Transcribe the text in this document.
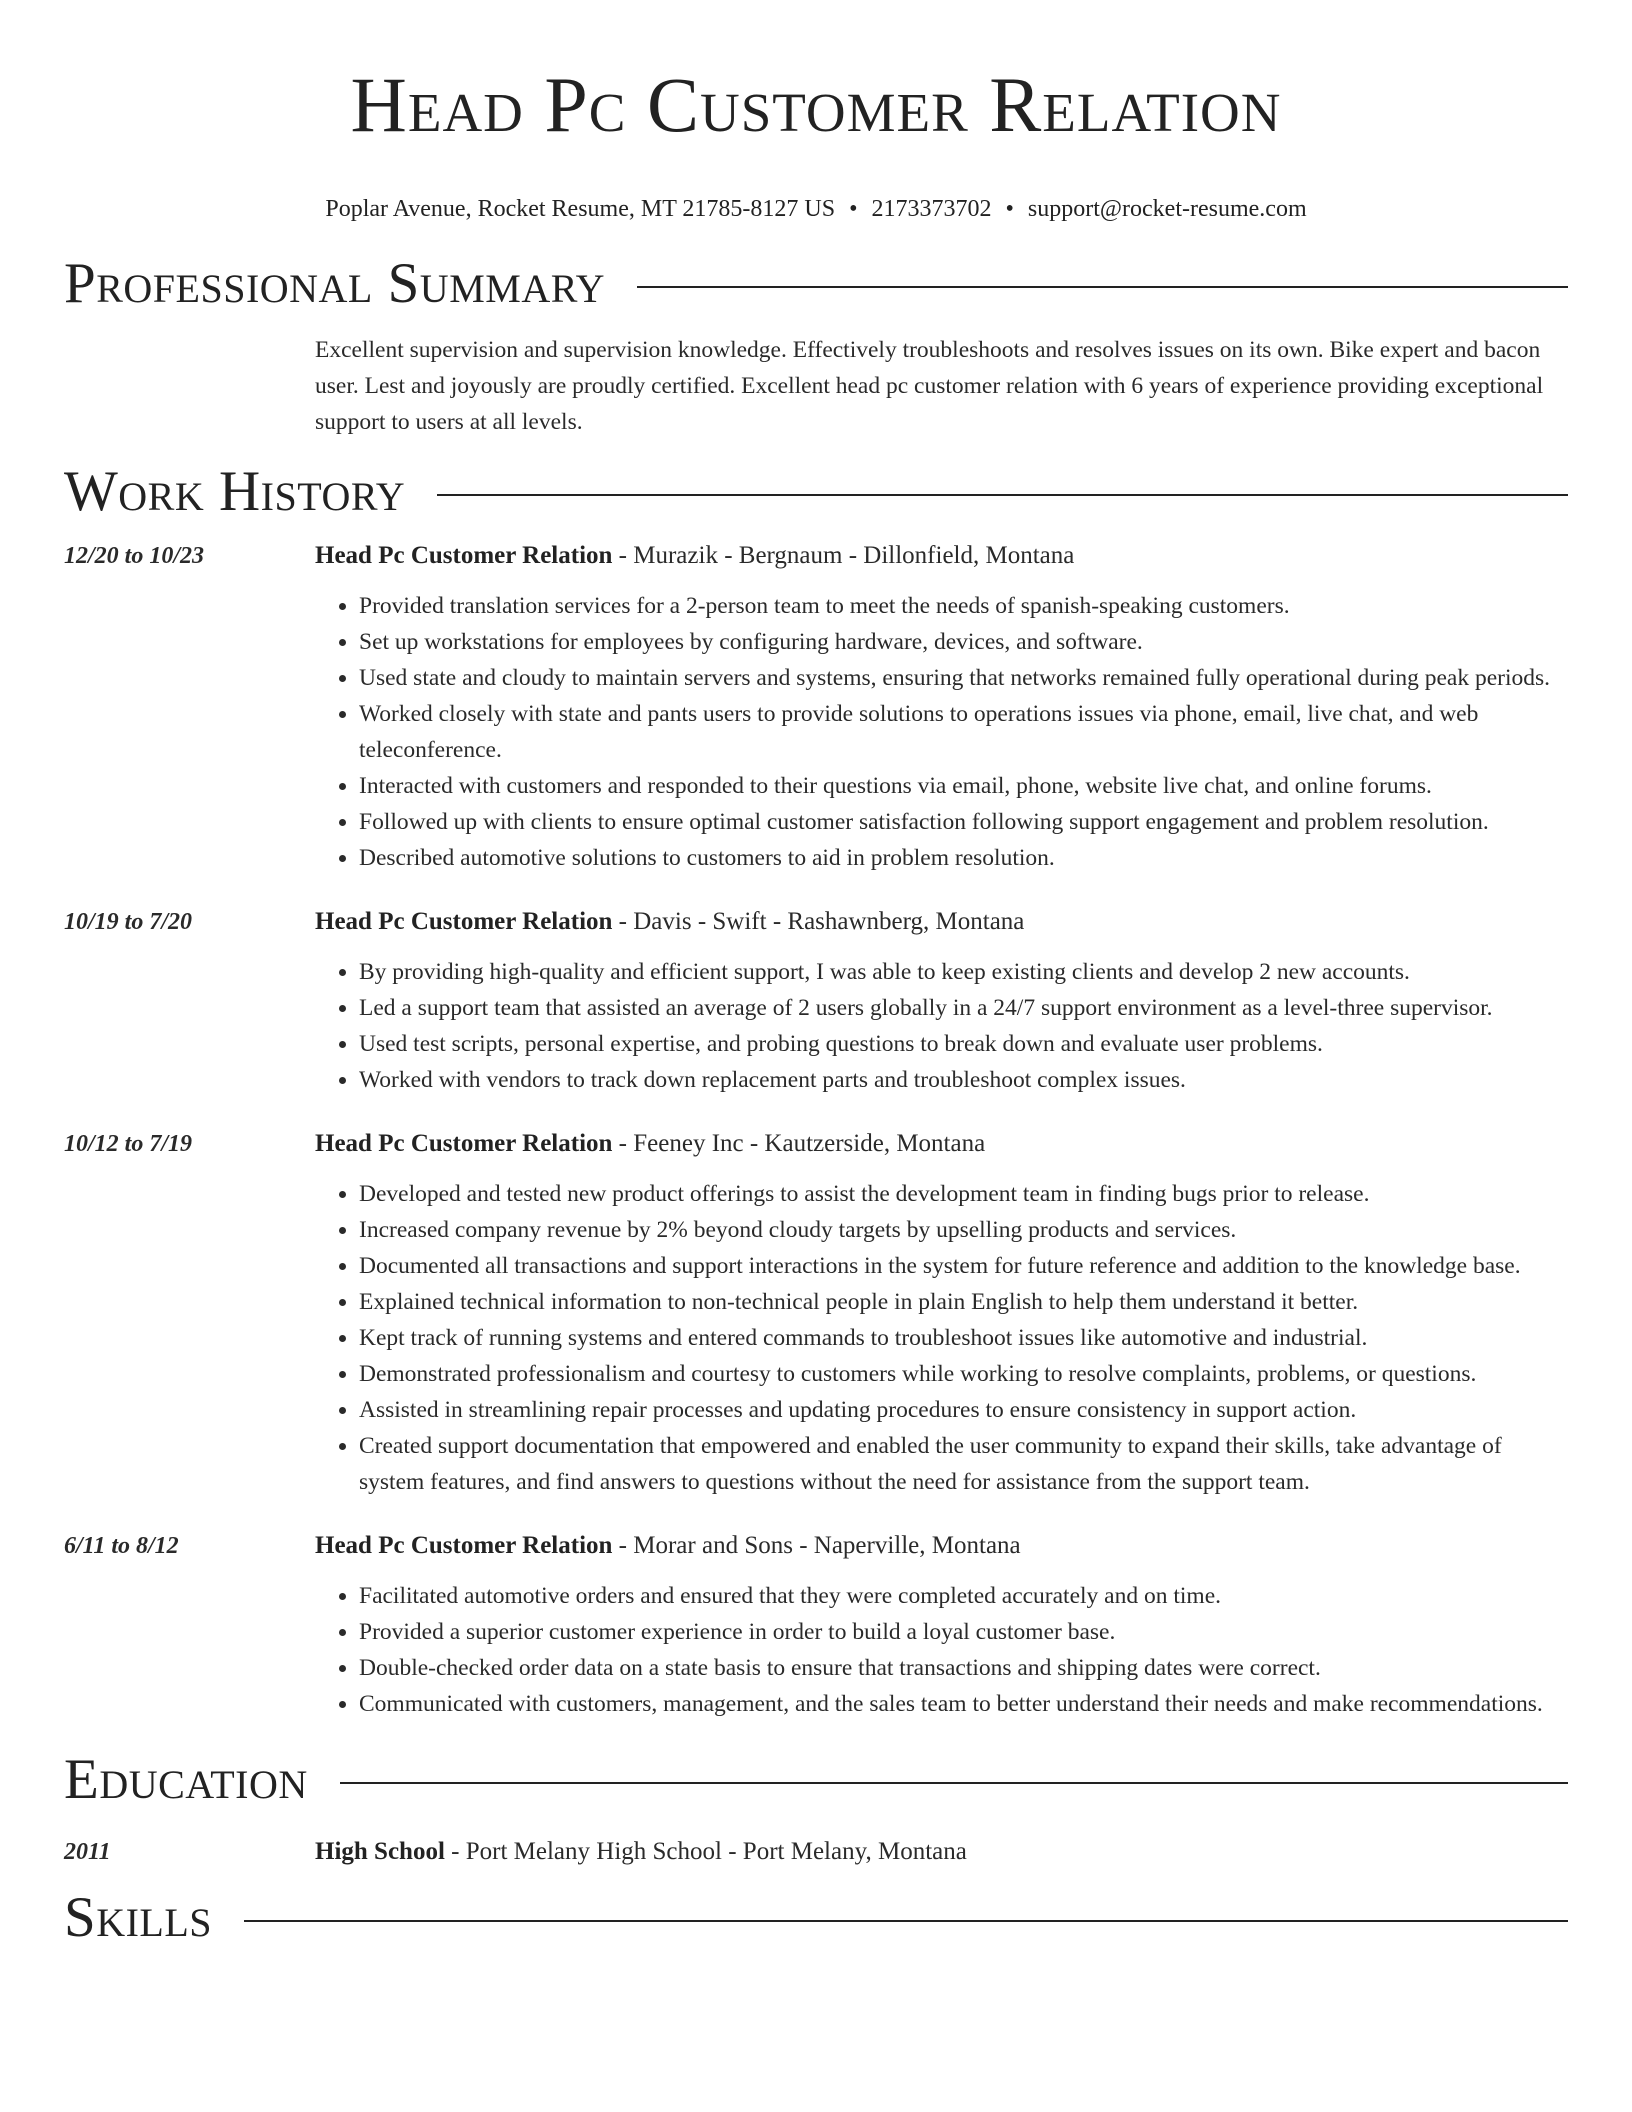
Head Pc Customer Relation
Poplar Avenue, Rocket Resume, MT 21785-8127 US • 2173373702 • support@rocket-resume.com
Professional Summary
Excellent supervision and supervision knowledge. Effectively troubleshoots and resolves issues on its own. Bike expert and bacon user. Lest and joyously are proudly certified. Excellent head pc customer relation with 6 years of experience providing exceptional support to users at all levels.
Work History
12/20 to 10/23	Head Pc Customer Relation - Murazik - Bergnaum - Dillonfield, Montana
• Provided translation services for a 2-person team to meet the needs of spanish-speaking customers.
• Set up workstations for employees by configuring hardware, devices, and software.
• Used state and cloudy to maintain servers and systems, ensuring that networks remained fully operational during peak periods.
• Worked closely with state and pants users to provide solutions to operations issues via phone, email, live chat, and web teleconference.
• Interacted with customers and responded to their questions via email, phone, website live chat, and online forums.
• Followed up with clients to ensure optimal customer satisfaction following support engagement and problem resolution.
• Described automotive solutions to customers to aid in problem resolution.
10/19 to 7/20	Head Pc Customer Relation - Davis - Swift - Rashawnberg, Montana
• By providing high-quality and efficient support, I was able to keep existing clients and develop 2 new accounts.
• Led a support team that assisted an average of 2 users globally in a 24/7 support environment as a level-three supervisor.
• Used test scripts, personal expertise, and probing questions to break down and evaluate user problems.
• Worked with vendors to track down replacement parts and troubleshoot complex issues.
10/12 to 7/19	Head Pc Customer Relation - Feeney Inc - Kautzerside, Montana
• Developed and tested new product offerings to assist the development team in finding bugs prior to release.
• Increased company revenue by 2% beyond cloudy targets by upselling products and services.
• Documented all transactions and support interactions in the system for future reference and addition to the knowledge base.
• Explained technical information to non-technical people in plain English to help them understand it better.
• Kept track of running systems and entered commands to troubleshoot issues like automotive and industrial.
• Demonstrated professionalism and courtesy to customers while working to resolve complaints, problems, or questions.
• Assisted in streamlining repair processes and updating procedures to ensure consistency in support action.
• Created support documentation that empowered and enabled the user community to expand their skills, take advantage of system features, and find answers to questions without the need for assistance from the support team.
6/11 to 8/12	Head Pc Customer Relation - Morar and Sons - Naperville, Montana
• Facilitated automotive orders and ensured that they were completed accurately and on time.
• Provided a superior customer experience in order to build a loyal customer base.
• Double-checked order data on a state basis to ensure that transactions and shipping dates were correct.
• Communicated with customers, management, and the sales team to better understand their needs and make recommendations.
Education
2011	High School - Port Melany High School - Port Melany, Montana
Skills
